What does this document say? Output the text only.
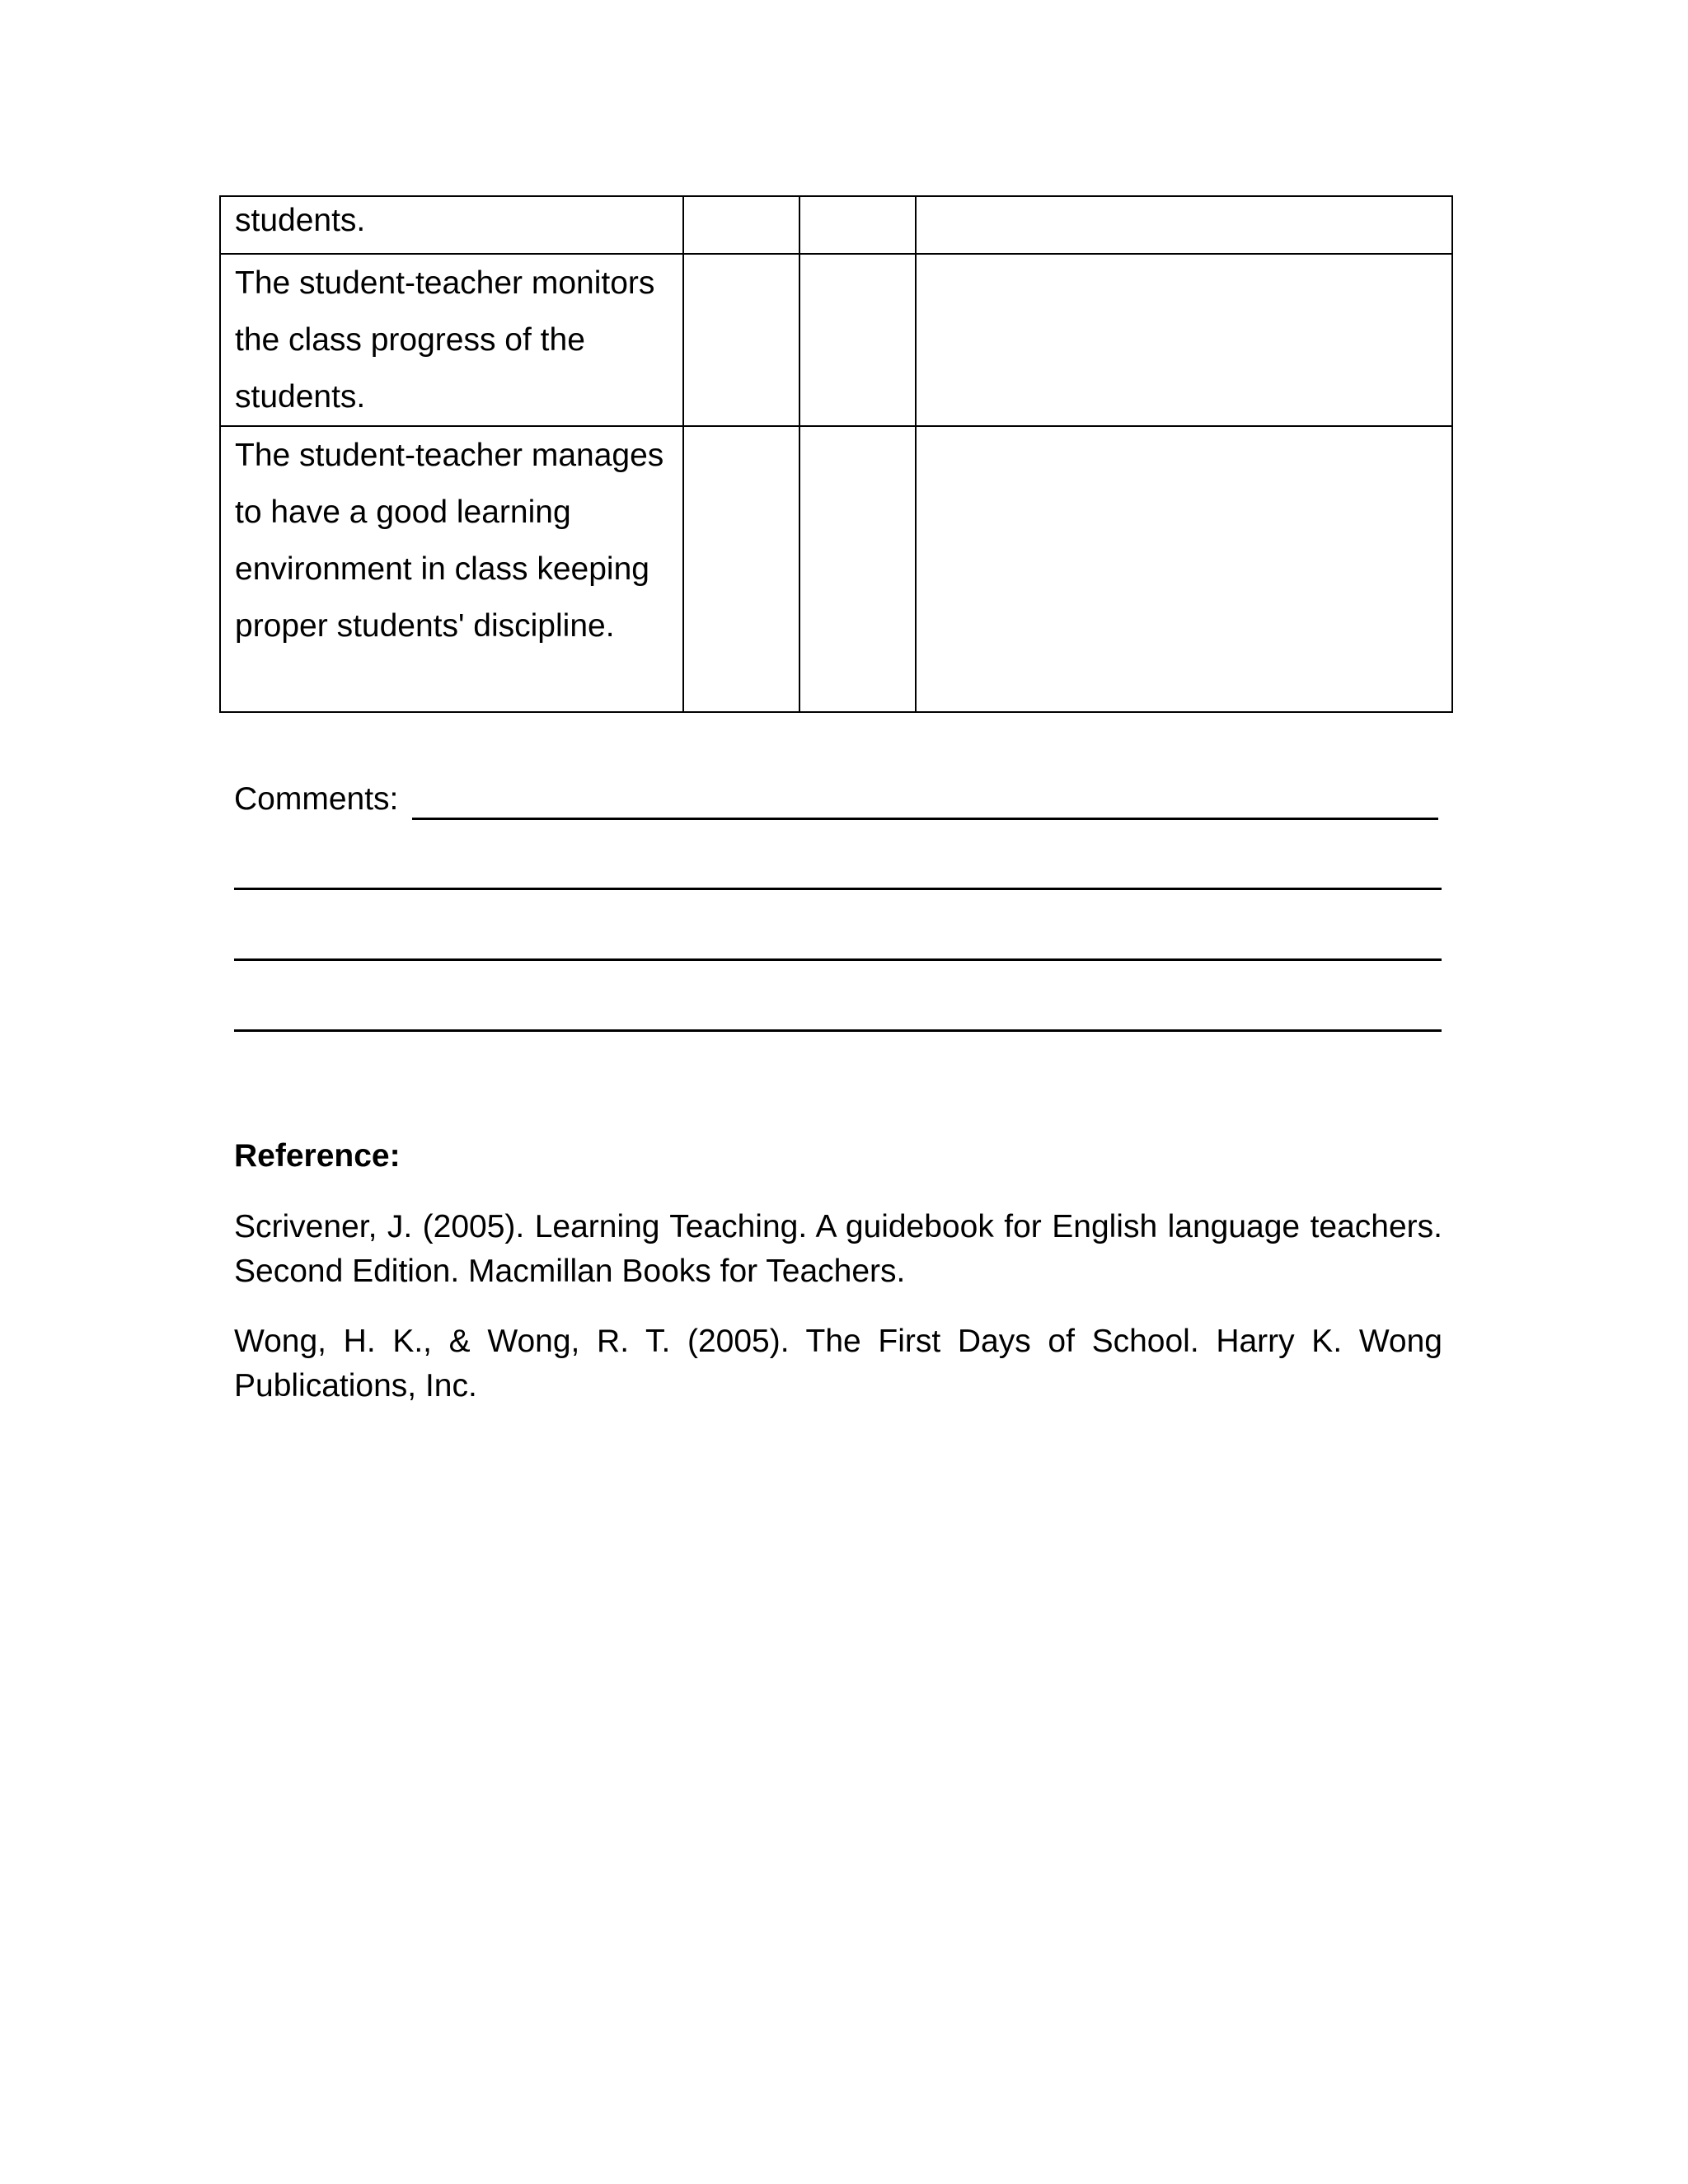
students.			

The student-teacher monitors the class progress of the students.			

The student-teacher manages to have a good learning environment in class keeping proper students' discipline.			

Comments:
Reference:
Scrivener, J. (2005). Learning Teaching. A guidebook for English language teachers. Second Edition. Macmillan Books for Teachers.
Wong, H. K., & Wong, R. T. (2005). The First Days of School. Harry K. Wong Publications, Inc.
